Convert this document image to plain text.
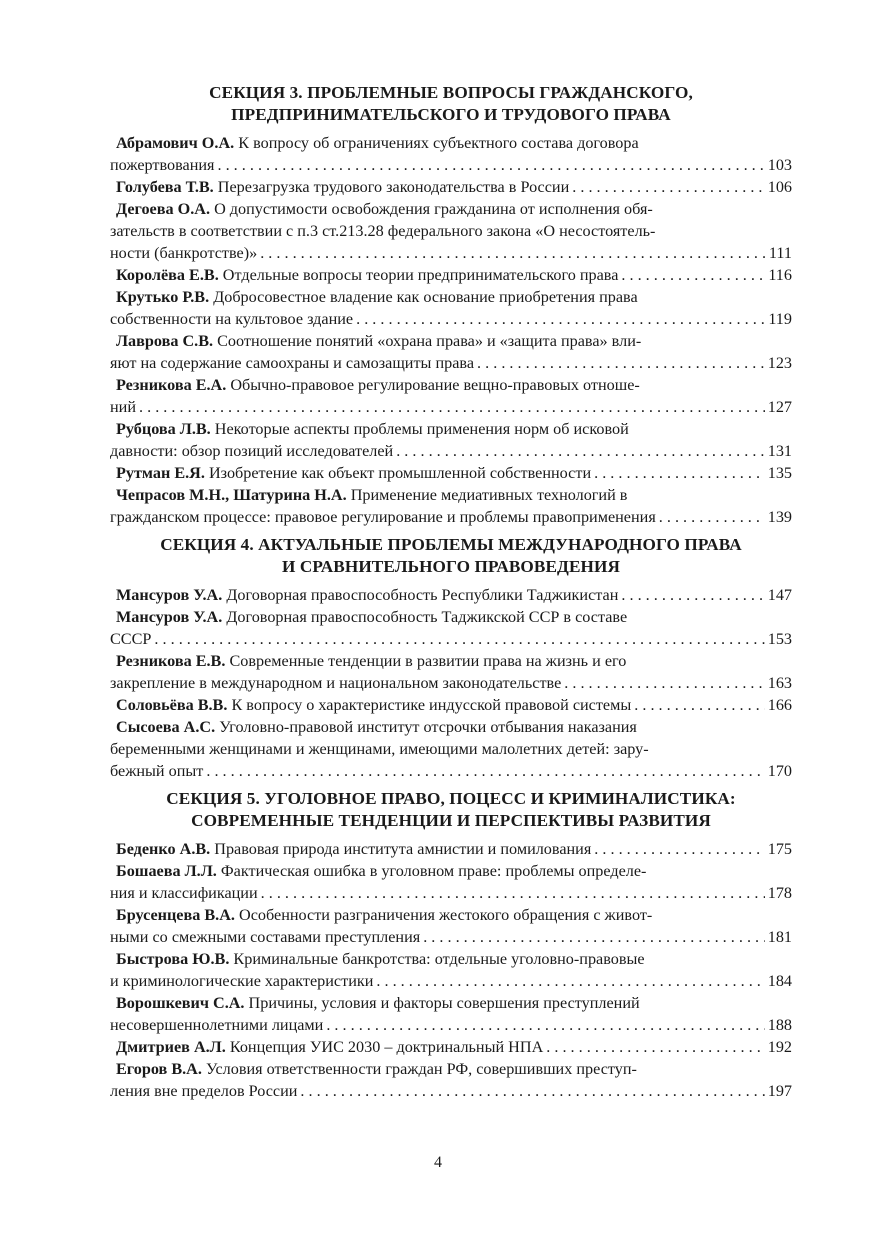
СЕКЦИЯ 3. ПРОБЛЕМНЫЕ ВОПРОСЫ ГРАЖДАНСКОГО,
ПРЕДПРИНИМАТЕЛЬСКОГО И ТРУДОВОГО ПРАВА
Абрамович О.А. К вопросу об ограничениях субъектного состава договора
пожертвования . . .	103
Голубева Т.В. Перезагрузка трудового законодательства в России . . .	106
Дегоева О.А. О допустимости освобождения гражданина от исполнения обя-
зательств в соответствии с п.3 ст.213.28 федерального закона «О несостоятель-
ности (банкротстве)» . . .	111
Королёва Е.В. Отдельные вопросы теории предпринимательского права . . .	116
Крутько Р.В. Добросовестное владение как основание приобретения права
собственности на культовое здание . . .	119
Лаврова С.В. Соотношение понятий «охрана права» и «защита права» вли-
яют на содержание самоохраны и самозащиты права . . .	123
Резникова Е.А. Обычно-правовое регулирование вещно-правовых отноше-
ний . . .	127
Рубцова Л.В. Некоторые аспекты проблемы применения норм об исковой
давности: обзор позиций исследователей . . .	131
Рутман Е.Я. Изобретение как объект промышленной собственности . . .	135
Чепрасов М.Н., Шатурина Н.А. Применение медиативных технологий в
гражданском процессе: правовое регулирование и проблемы правоприменения . . .	139
СЕКЦИЯ 4. АКТУАЛЬНЫЕ ПРОБЛЕМЫ МЕЖДУНАРОДНОГО ПРАВА
И СРАВНИТЕЛЬНОГО ПРАВОВЕДЕНИЯ
Мансуров У.А. Договорная правоспособность Республики Таджикистан . . .	147
Мансуров У.А. Договорная правоспособность Таджикской ССР в составе
СССР . . .	153
Резникова Е.В. Современные тенденции в развитии права на жизнь и его
закрепление в международном и национальном законодательстве . . .	163
Соловьёва В.В. К вопросу о характеристике индусской правовой системы . . .	166
Сысоева А.С. Уголовно-правовой институт отсрочки отбывания наказания
беременными женщинами и женщинами, имеющими малолетних детей: зару-
бежный опыт . . .	170
СЕКЦИЯ 5. УГОЛОВНОЕ ПРАВО, ПОЦЕСС И КРИМИНАЛИСТИКА:
СОВРЕМЕННЫЕ ТЕНДЕНЦИИ И ПЕРСПЕКТИВЫ РАЗВИТИЯ
Беденко А.В. Правовая природа института амнистии и помилования . . .	175
Бошаева Л.Л. Фактическая ошибка в уголовном праве: проблемы определе-
ния и классификации . . .	178
Брусенцева В.А. Особенности разграничения жестокого обращения с живот-
ными со смежными составами преступления . . .	181
Быстрова Ю.В. Криминальные банкротства: отдельные уголовно-правовые
и криминологические характеристики . . .	184
Ворошкевич С.А. Причины, условия и факторы совершения преступлений
несовершеннолетними лицами . . .	188
Дмитриев А.Л. Концепция УИС 2030 – доктринальный НПА . . .	192
Егоров В.А. Условия ответственности граждан РФ, совершивших преступ-
ления вне пределов России . . .	197
4
